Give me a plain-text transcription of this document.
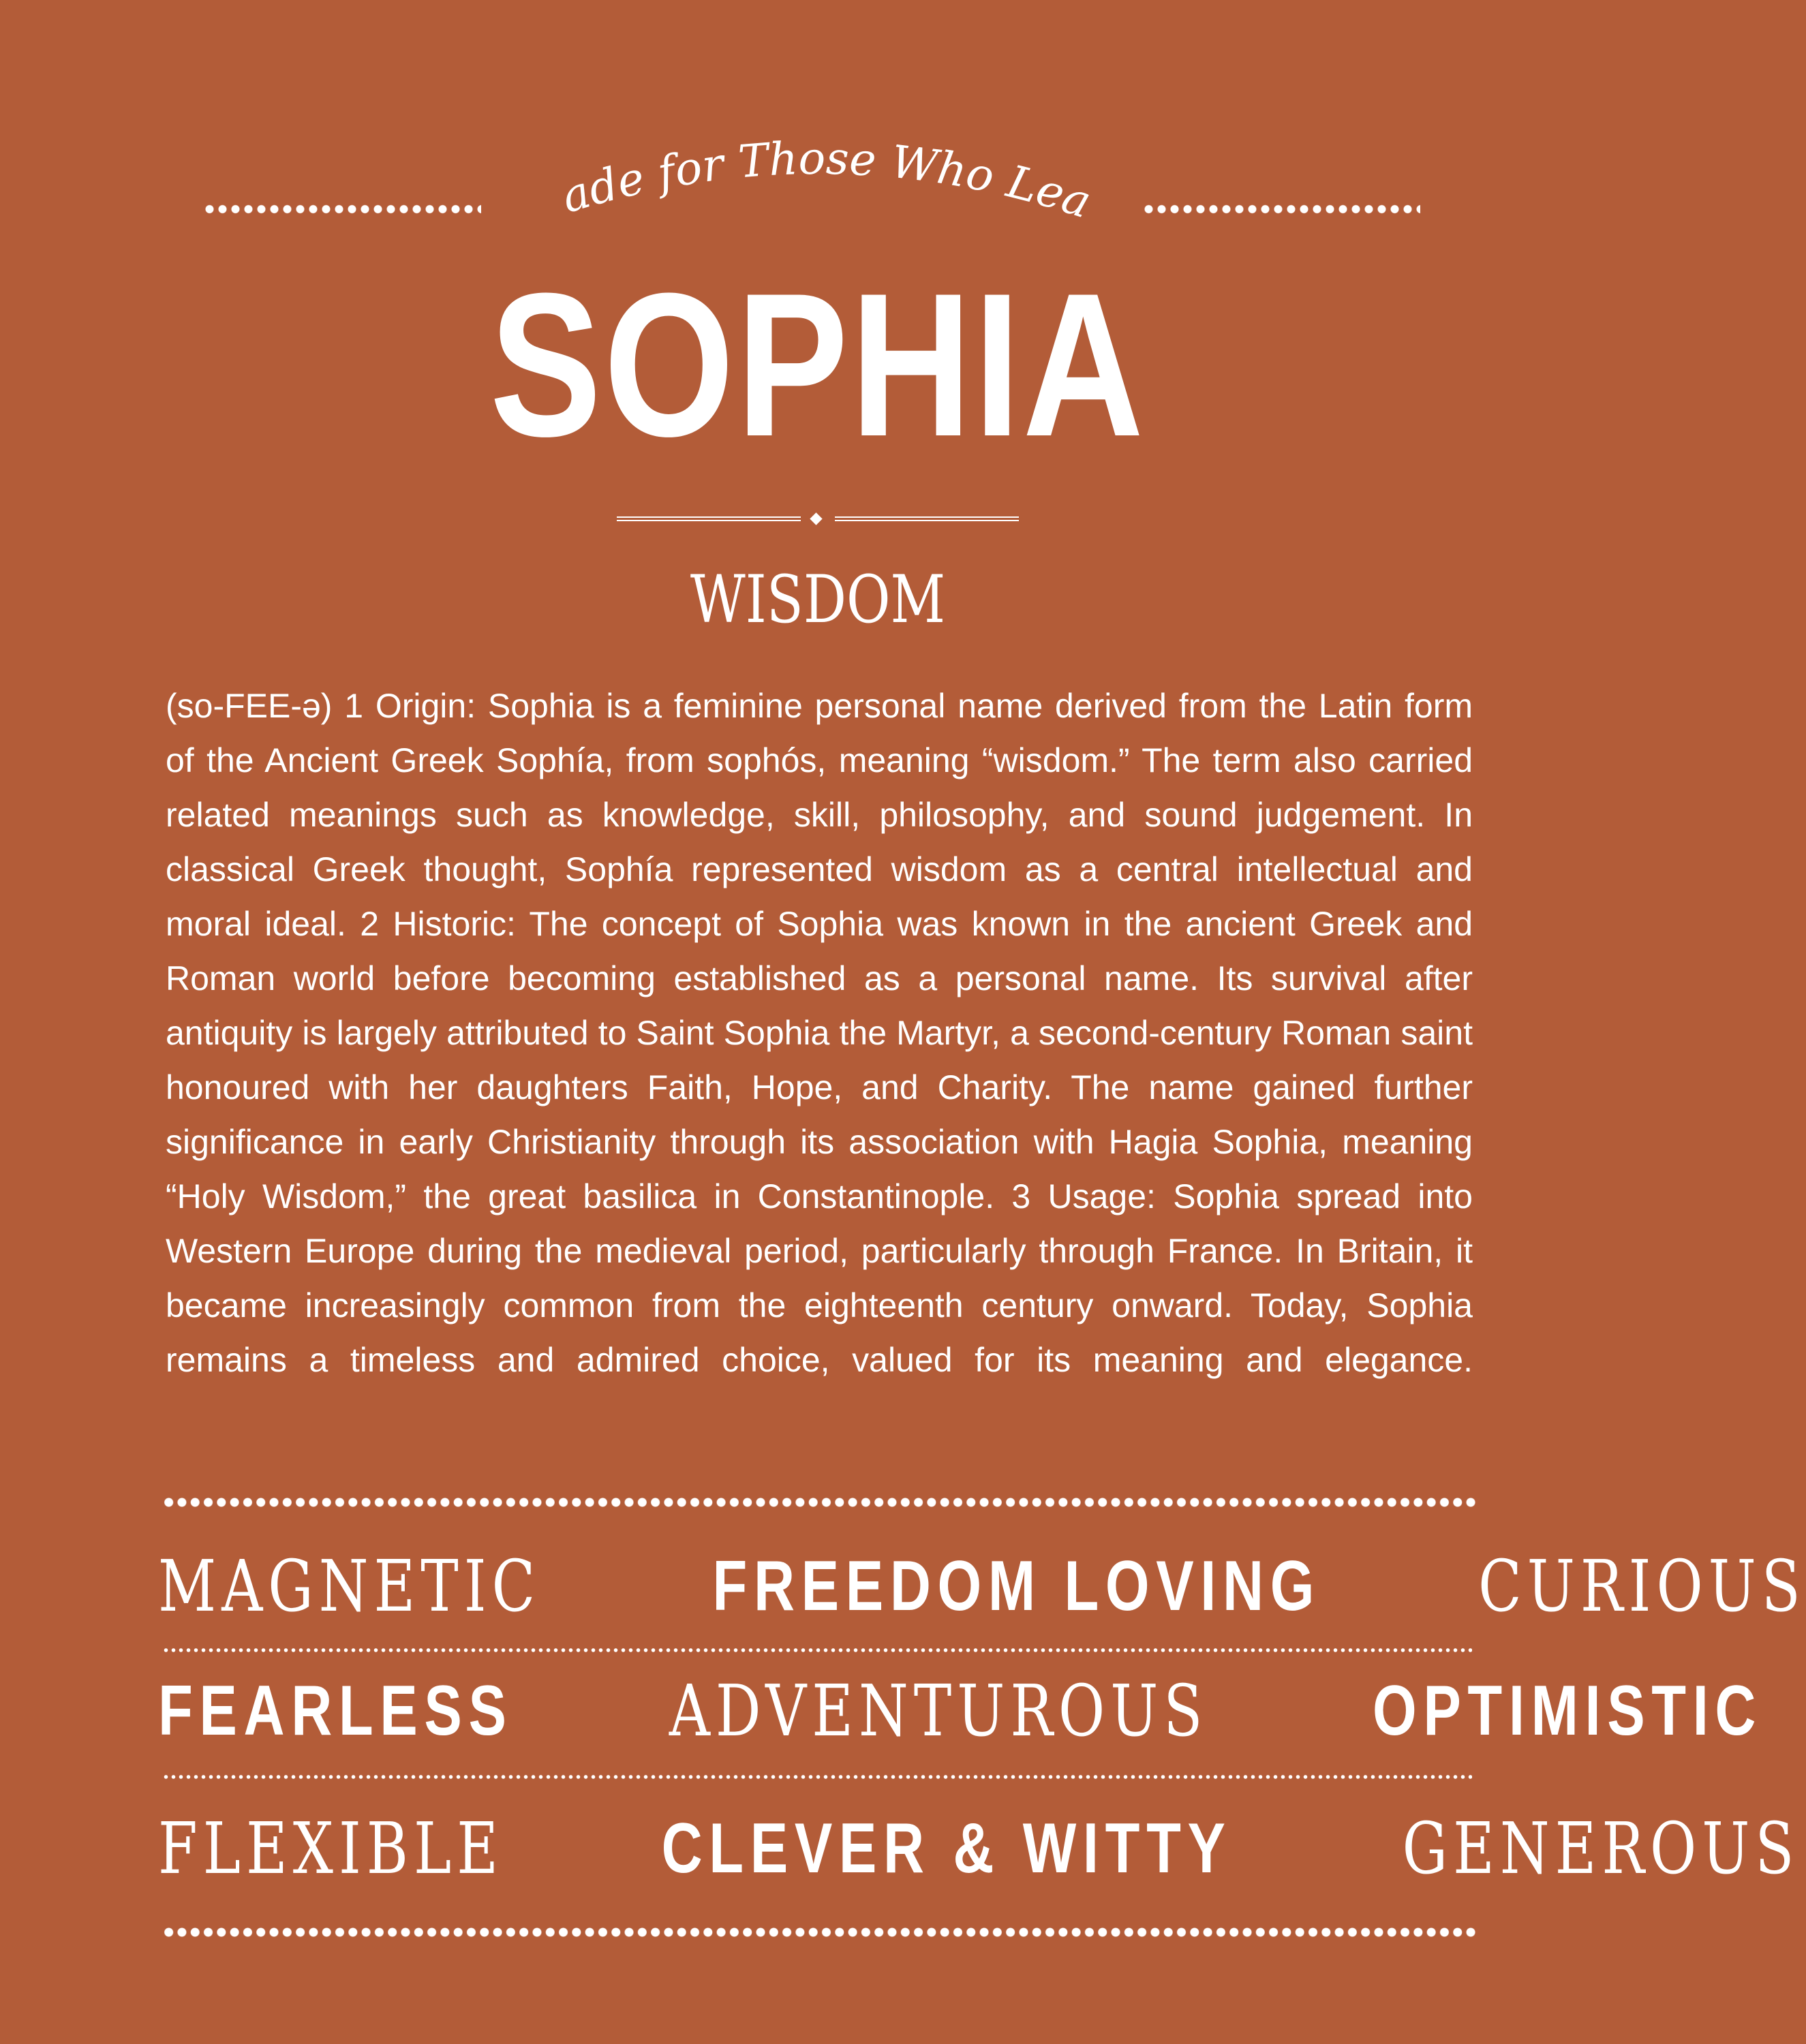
Made for Those Who Lead
SOPHIA
WISDOM
(so-FEE-ə) 1 Origin: Sophia is a feminine personal name derived from the Latin form of the Ancient Greek Sophía, from sophós, meaning “wisdom.” The term also carried related meanings such as knowledge, skill, philosophy, and sound judgement. In classical Greek thought, Sophía represented wisdom as a central intellectual and moral ideal. 2 Historic: The concept of Sophia was known in the ancient Greek and Roman world before becoming established as a personal name. Its survival after antiquity is largely attributed to Saint Sophia the Martyr, a second-century Roman saint honoured with her daughters Faith, Hope, and Charity. The name gained further significance in early Christianity through its association with Hagia Sophia, meaning “Holy Wisdom,” the great basilica in Constantinople. 3 Usage: Sophia spread into Western Europe during the medieval period, particularly through France. In Britain, it became increasingly common from the eighteenth century onward. Today, Sophia remains a timeless and admired choice, valued for its meaning and elegance.
MAGNETIC FREEDOM LOVING CURIOUS
FEARLESS ADVENTUROUS OPTIMISTIC
FLEXIBLE CLEVER & WITTY GENEROUS
